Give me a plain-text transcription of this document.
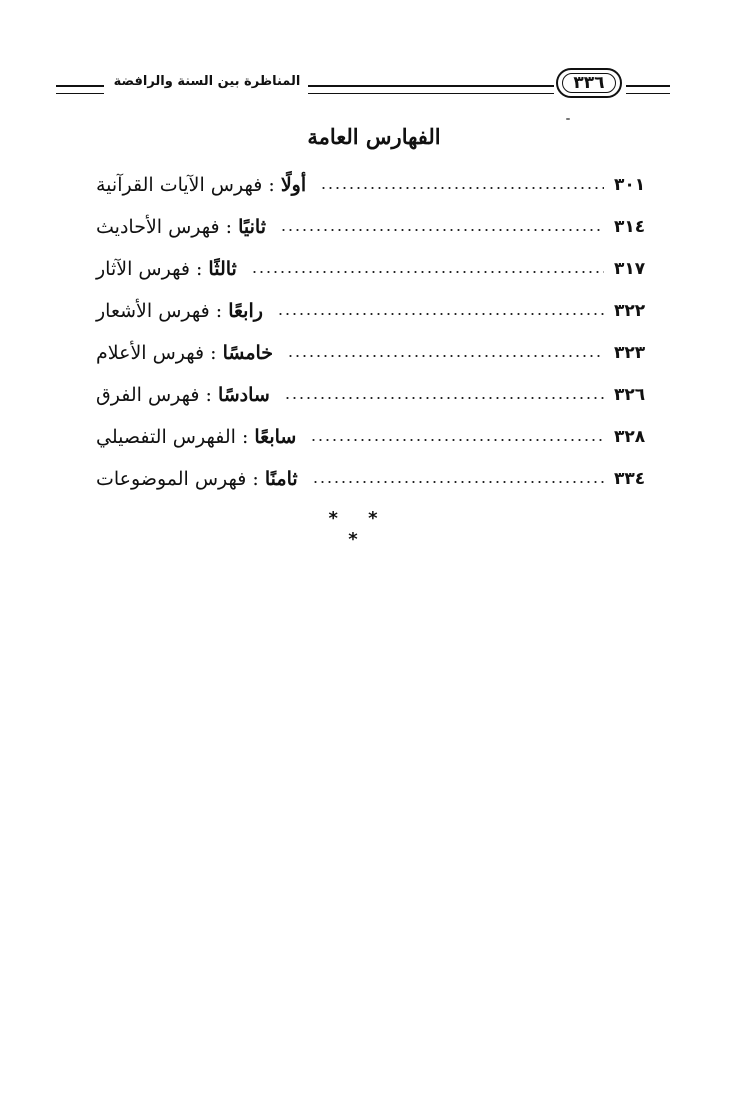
المناظرة بين السنة والرافضة	٣٣٦
الفهارس العامة
أولًا : فهرس الآيات القرآنية	٣٠١
ثانيًا : فهرس الأحاديث	٣١٤
ثالثًا : فهرس الآثار	٣١٧
رابعًا : فهرس الأشعار	٣٢٢
خامسًا : فهرس الأعلام	٣٢٣
سادسًا : فهرس الفرق	٣٢٦
سابعًا : الفهرس التفصيلي	٣٢٨
ثامنًا : فهرس الموضوعات	٣٣٤
* * *
